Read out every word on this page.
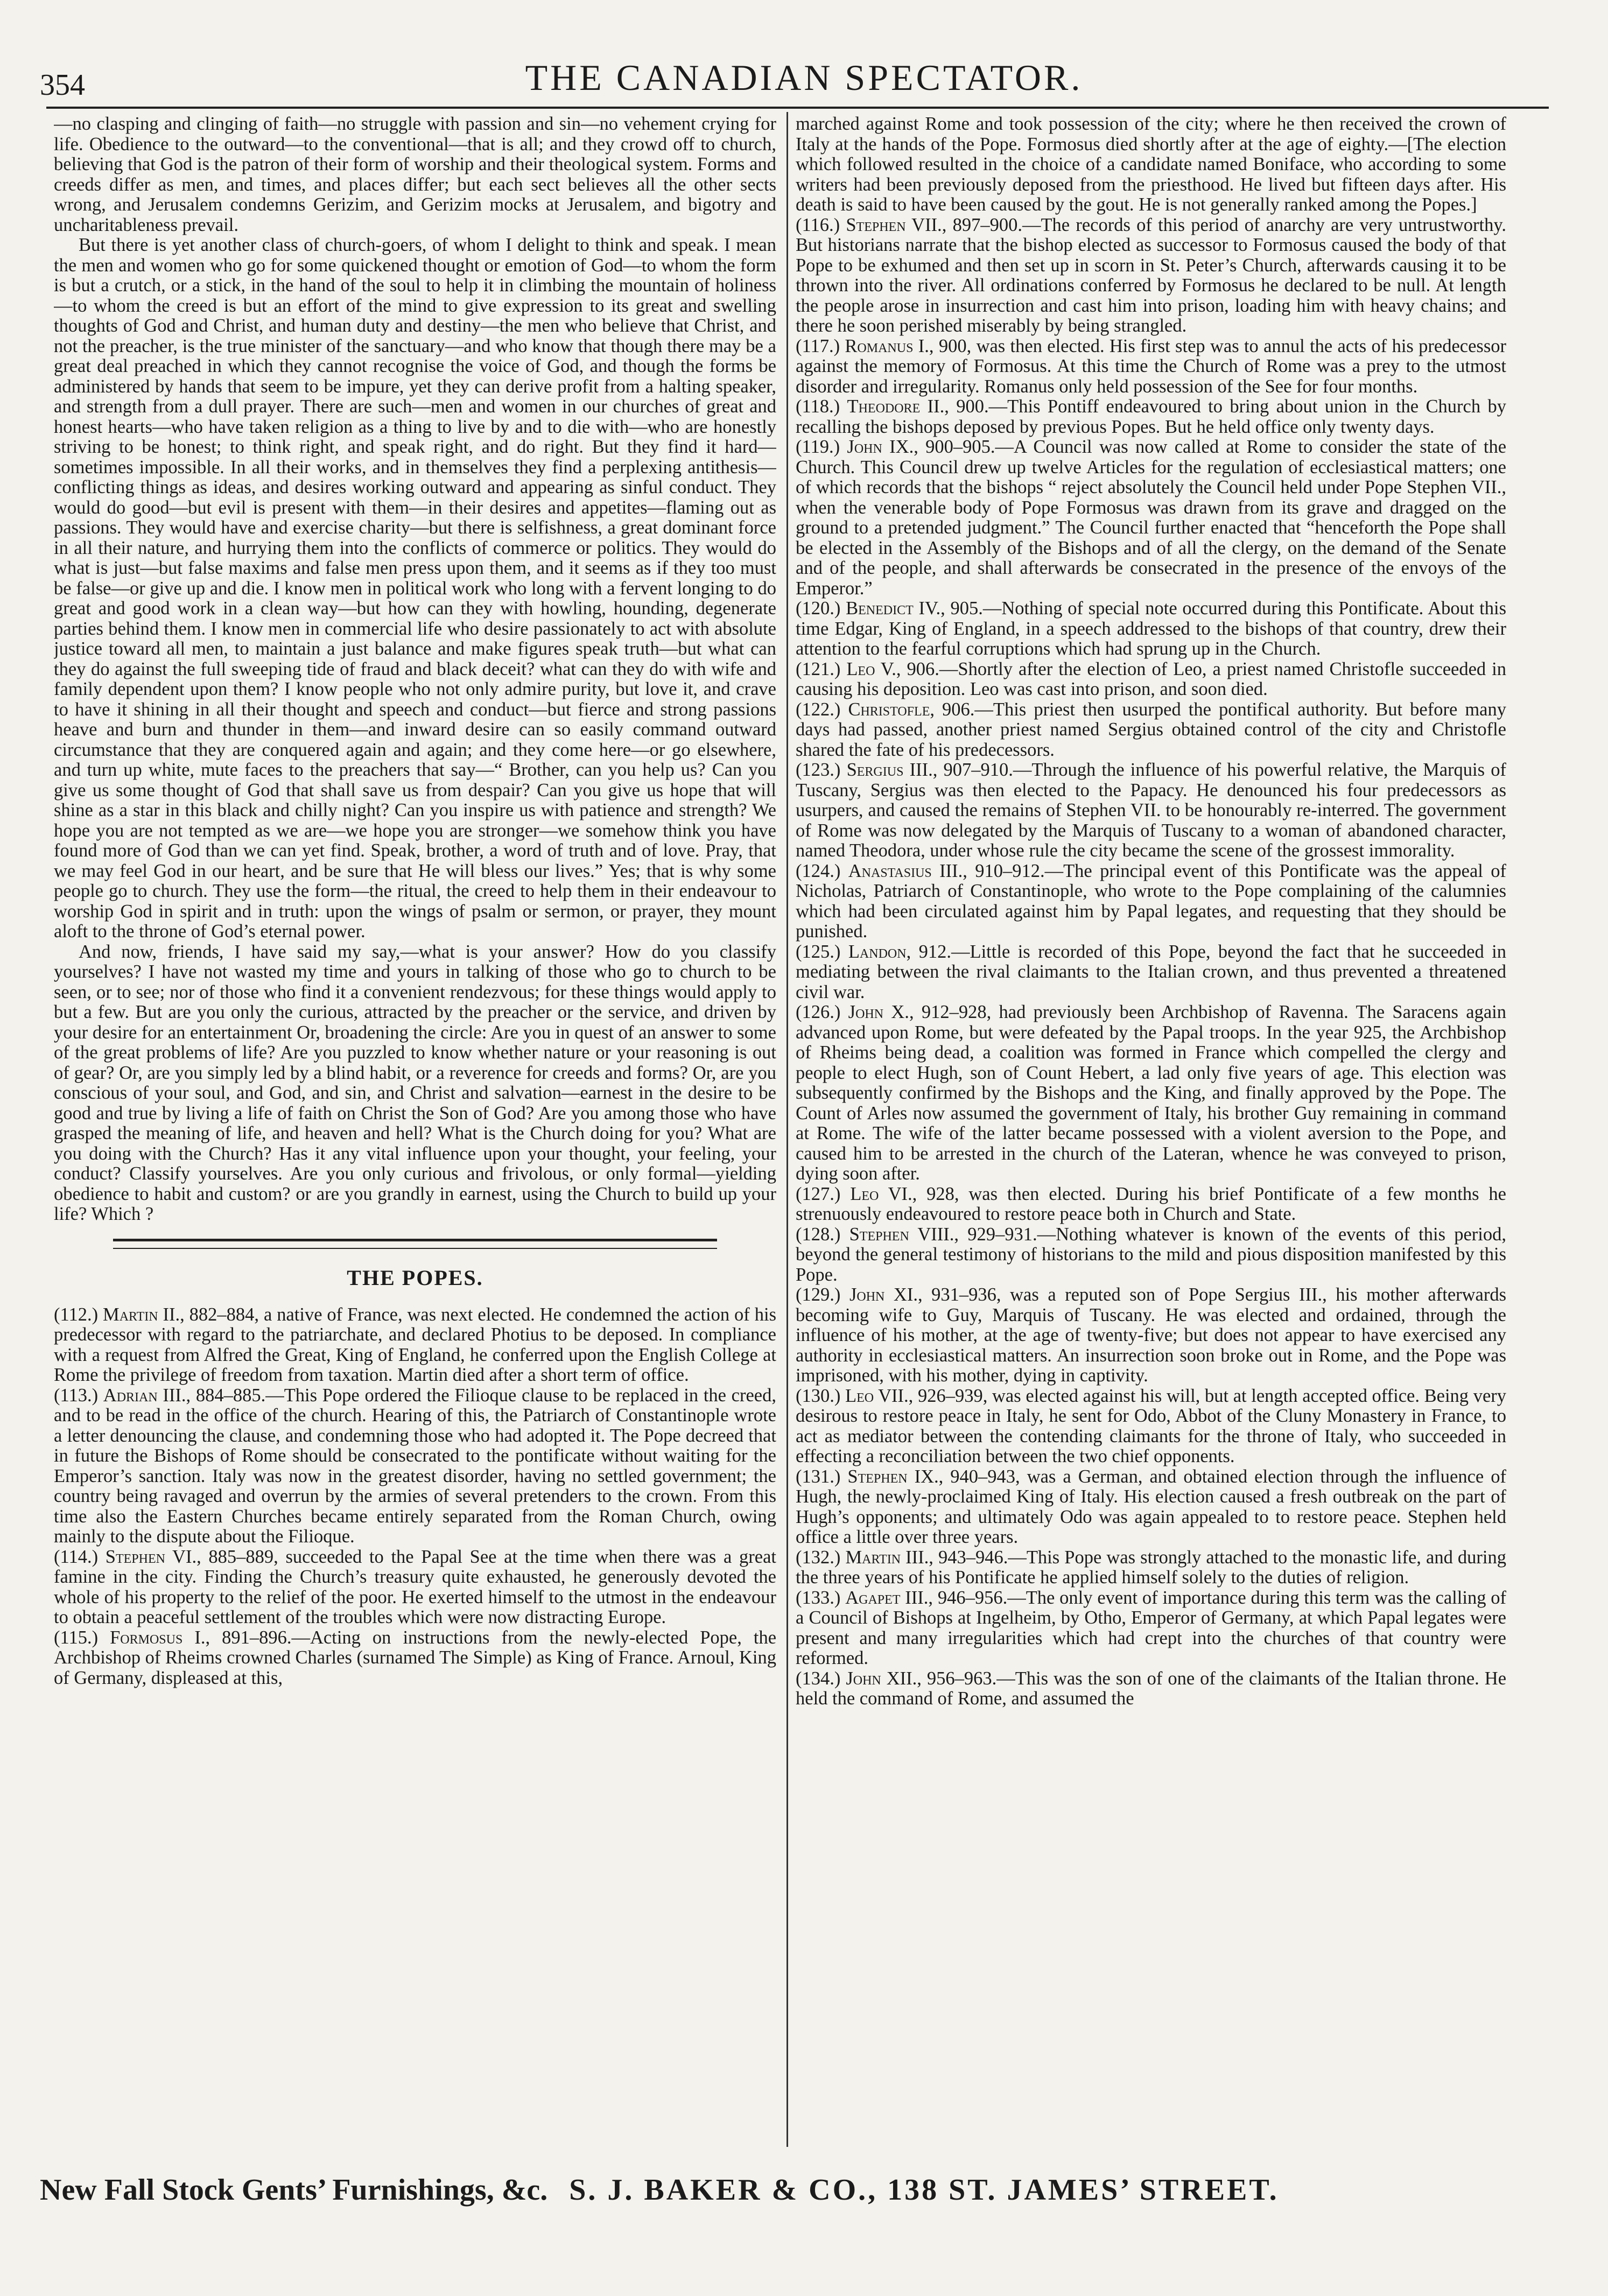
354	THE CANADIAN SPECTATOR.

—no clasping and clinging of faith—no struggle with passion and sin—no vehement crying for life. Obedience to the outward—to the conventional—that is all; and they crowd off to church, believing that God is the patron of their form of worship and their theological system. Forms and creeds differ as men, and times, and places differ; but each sect believes all the other sects wrong, and Jerusalem condemns Gerizim, and Gerizim mocks at Jerusalem, and bigotry and uncharitableness prevail.

But there is yet another class of church-goers, of whom I delight to think and speak. I mean the men and women who go for some quickened thought or emotion of God—to whom the form is but a crutch, or a stick, in the hand of the soul to help it in climbing the mountain of holiness—to whom the creed is but an effort of the mind to give expression to its great and swelling thoughts of God and Christ, and human duty and destiny—the men who believe that Christ, and not the preacher, is the true minister of the sanctuary—and who know that though there may be a great deal preached in which they cannot recognise the voice of God, and though the forms be administered by hands that seem to be impure, yet they can derive profit from a halting speaker, and strength from a dull prayer. There are such—men and women in our churches of great and honest hearts—who have taken religion as a thing to live by and to die with—who are honestly striving to be honest; to think right, and speak right, and do right. But they find it hard—sometimes impossible. In all their works, and in themselves they find a perplexing antithesis—conflicting things as ideas, and desires working outward and appearing as sinful conduct. They would do good—but evil is present with them—in their desires and appetites—flaming out as passions. They would have and exercise charity—but there is selfishness, a great dominant force in all their nature, and hurrying them into the conflicts of commerce or politics. They would do what is just—but false maxims and false men press upon them, and it seems as if they too must be false—or give up and die. I know men in political work who long with a fervent longing to do great and good work in a clean way—but how can they with howling, hounding, degenerate parties behind them. I know men in commercial life who desire passionately to act with absolute justice toward all men, to maintain a just balance and make figures speak truth—but what can they do against the full sweeping tide of fraud and black deceit? what can they do with wife and family dependent upon them? I know people who not only admire purity, but love it, and crave to have it shining in all their thought and speech and conduct—but fierce and strong passions heave and burn and thunder in them—and inward desire can so easily command outward circumstance that they are conquered again and again; and they come here—or go elsewhere, and turn up white, mute faces to the preachers that say—“ Brother, can you help us? Can you give us some thought of God that shall save us from despair? Can you give us hope that will shine as a star in this black and chilly night? Can you inspire us with patience and strength? We hope you are not tempted as we are—we hope you are stronger—we somehow think you have found more of God than we can yet find. Speak, brother, a word of truth and of love. Pray, that we may feel God in our heart, and be sure that He will bless our lives.” Yes; that is why some people go to church. They use the form—the ritual, the creed to help them in their endeavour to worship God in spirit and in truth: upon the wings of psalm or sermon, or prayer, they mount aloft to the throne of God’s eternal power.

And now, friends, I have said my say,—what is your answer? How do you classify yourselves? I have not wasted my time and yours in talking of those who go to church to be seen, or to see; nor of those who find it a convenient rendezvous; for these things would apply to but a few. But are you only the curious, attracted by the preacher or the service, and driven by your desire for an entertainment Or, broadening the circle: Are you in quest of an answer to some of the great problems of life? Are you puzzled to know whether nature or your reasoning is out of gear? Or, are you simply led by a blind habit, or a reverence for creeds and forms? Or, are you conscious of your soul, and God, and sin, and Christ and salvation—earnest in the desire to be good and true by living a life of faith on Christ the Son of God? Are you among those who have grasped the meaning of life, and heaven and hell? What is the Church doing for you? What are you doing with the Church? Has it any vital influence upon your thought, your feeling, your conduct? Classify yourselves. Are you only curious and frivolous, or only formal—yielding obedience to habit and custom? or are you grandly in earnest, using the Church to build up your life? Which ?

THE POPES.

(112.) Martin II., 882–884, a native of France, was next elected. He condemned the action of his predecessor with regard to the patriarchate, and declared Photius to be deposed. In compliance with a request from Alfred the Great, King of England, he conferred upon the English College at Rome the privilege of freedom from taxation. Martin died after a short term of office.

(113.) Adrian III., 884–885.—This Pope ordered the Filioque clause to be replaced in the creed, and to be read in the office of the church. Hearing of this, the Patriarch of Constantinople wrote a letter denouncing the clause, and condemning those who had adopted it. The Pope decreed that in future the Bishops of Rome should be consecrated to the pontificate without waiting for the Emperor’s sanction. Italy was now in the greatest disorder, having no settled government; the country being ravaged and overrun by the armies of several pretenders to the crown. From this time also the Eastern Churches became entirely separated from the Roman Church, owing mainly to the dispute about the Filioque.

(114.) Stephen VI., 885–889, succeeded to the Papal See at the time when there was a great famine in the city. Finding the Church’s treasury quite exhausted, he generously devoted the whole of his property to the relief of the poor. He exerted himself to the utmost in the endeavour to obtain a peaceful settlement of the troubles which were now distracting Europe.

(115.) Formosus I., 891–896.—Acting on instructions from the newly-elected Pope, the Archbishop of Rheims crowned Charles (surnamed The Simple) as King of France. Arnoul, King of Germany, displeased at this,

marched against Rome and took possession of the city; where he then received the crown of Italy at the hands of the Pope. Formosus died shortly after at the age of eighty.—[The election which followed resulted in the choice of a candidate named Boniface, who according to some writers had been previously deposed from the priesthood. He lived but fifteen days after. His death is said to have been caused by the gout. He is not generally ranked among the Popes.]

(116.) Stephen VII., 897–900.—The records of this period of anarchy are very untrustworthy. But historians narrate that the bishop elected as successor to Formosus caused the body of that Pope to be exhumed and then set up in scorn in St. Peter’s Church, afterwards causing it to be thrown into the river. All ordinations conferred by Formosus he declared to be null. At length the people arose in insurrection and cast him into prison, loading him with heavy chains; and there he soon perished miserably by being strangled.

(117.) Romanus I., 900, was then elected. His first step was to annul the acts of his predecessor against the memory of Formosus. At this time the Church of Rome was a prey to the utmost disorder and irregularity. Romanus only held possession of the See for four months.

(118.) Theodore II., 900.—This Pontiff endeavoured to bring about union in the Church by recalling the bishops deposed by previous Popes. But he held office only twenty days.

(119.) John IX., 900–905.—A Council was now called at Rome to consider the state of the Church. This Council drew up twelve Articles for the regulation of ecclesiastical matters; one of which records that the bishops “ reject absolutely the Council held under Pope Stephen VII., when the venerable body of Pope Formosus was drawn from its grave and dragged on the ground to a pretended judgment.” The Council further enacted that “henceforth the Pope shall be elected in the Assembly of the Bishops and of all the clergy, on the demand of the Senate and of the people, and shall afterwards be consecrated in the presence of the envoys of the Emperor.”

(120.) Benedict IV., 905.—Nothing of special note occurred during this Pontificate. About this time Edgar, King of England, in a speech addressed to the bishops of that country, drew their attention to the fearful corruptions which had sprung up in the Church.

(121.) Leo V., 906.—Shortly after the election of Leo, a priest named Christofle succeeded in causing his deposition. Leo was cast into prison, and soon died.

(122.) Christofle, 906.—This priest then usurped the pontifical authority. But before many days had passed, another priest named Sergius obtained control of the city and Christofle shared the fate of his predecessors.

(123.) Sergius III., 907–910.—Through the influence of his powerful relative, the Marquis of Tuscany, Sergius was then elected to the Papacy. He denounced his four predecessors as usurpers, and caused the remains of Stephen VII. to be honourably re-interred. The government of Rome was now delegated by the Marquis of Tuscany to a woman of abandoned character, named Theodora, under whose rule the city became the scene of the grossest immorality.

(124.) Anastasius III., 910–912.—The principal event of this Pontificate was the appeal of Nicholas, Patriarch of Constantinople, who wrote to the Pope complaining of the calumnies which had been circulated against him by Papal legates, and requesting that they should be punished.

(125.) Landon, 912.—Little is recorded of this Pope, beyond the fact that he succeeded in mediating between the rival claimants to the Italian crown, and thus prevented a threatened civil war.

(126.) John X., 912–928, had previously been Archbishop of Ravenna. The Saracens again advanced upon Rome, but were defeated by the Papal troops. In the year 925, the Archbishop of Rheims being dead, a coalition was formed in France which compelled the clergy and people to elect Hugh, son of Count Hebert, a lad only five years of age. This election was subsequently confirmed by the Bishops and the King, and finally approved by the Pope. The Count of Arles now assumed the government of Italy, his brother Guy remaining in command at Rome. The wife of the latter became possessed with a violent aversion to the Pope, and caused him to be arrested in the church of the Lateran, whence he was conveyed to prison, dying soon after.

(127.) Leo VI., 928, was then elected. During his brief Pontificate of a few months he strenuously endeavoured to restore peace both in Church and State.

(128.) Stephen VIII., 929–931.—Nothing whatever is known of the events of this period, beyond the general testimony of historians to the mild and pious disposition manifested by this Pope.

(129.) John XI., 931–936, was a reputed son of Pope Sergius III., his mother afterwards becoming wife to Guy, Marquis of Tuscany. He was elected and ordained, through the influence of his mother, at the age of twenty-five; but does not appear to have exercised any authority in ecclesiastical matters. An insurrection soon broke out in Rome, and the Pope was imprisoned, with his mother, dying in captivity.

(130.) Leo VII., 926–939, was elected against his will, but at length accepted office. Being very desirous to restore peace in Italy, he sent for Odo, Abbot of the Cluny Monastery in France, to act as mediator between the contending claimants for the throne of Italy, who succeeded in effecting a reconciliation between the two chief opponents.

(131.) Stephen IX., 940–943, was a German, and obtained election through the influence of Hugh, the newly-proclaimed King of Italy. His election caused a fresh outbreak on the part of Hugh’s opponents; and ultimately Odo was again appealed to to restore peace. Stephen held office a little over three years.

(132.) Martin III., 943–946.—This Pope was strongly attached to the monastic life, and during the three years of his Pontificate he applied himself solely to the duties of religion.

(133.) Agapet III., 946–956.—The only event of importance during this term was the calling of a Council of Bishops at Ingelheim, by Otho, Emperor of Germany, at which Papal legates were present and many irregularities which had crept into the churches of that country were reformed.

(134.) John XII., 956–963.—This was the son of one of the claimants of the Italian throne. He held the command of Rome, and assumed the

New Fall Stock Gents’ Furnishings, &c. S. J. BAKER & CO., 138 ST. JAMES’ STREET.
